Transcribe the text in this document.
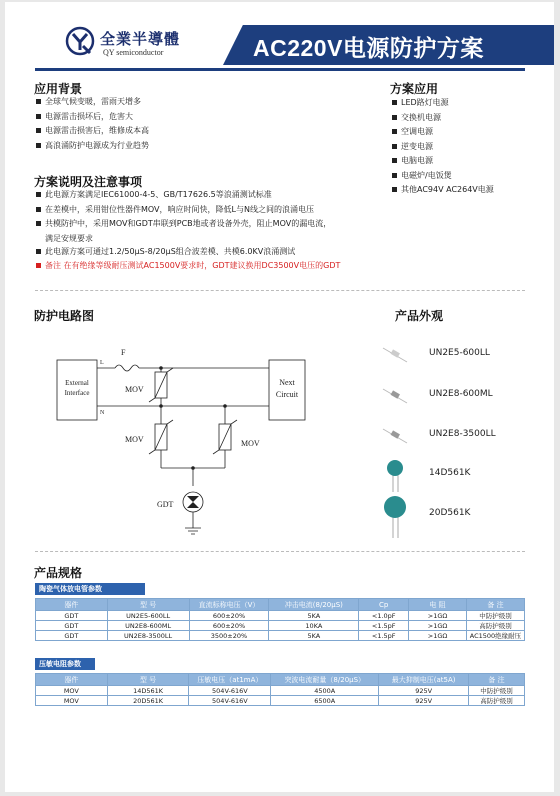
全業半導體
QY semiconductor	AC220V电源防护方案
应用背景
全球气候变暖，雷雨天增多
电源雷击损坏后，危害大
电源雷击损害后，维修成本高
高浪涌防护电源成为行业趋势
方案应用
LED路灯电源
交换机电源
空调电源
逆变电源
电脑电源
电磁炉/电饭煲
其他AC94V AC264V电源
方案说明及注意事项
此电源方案满足IEC61000-4-5、GB/T17626.5等浪涌测试标准
在差模中，采用钳位性器件MOV，响应时间快，降低L与N线之间的浪涌电压
共模防护中，采用MOV和GDT串联到PCB地或者设备外壳，阻止MOV的漏电流，
满足安规要求
此电源方案可通过1.2/50μS-8/20μS组合波差模、共模6.0KV浪涌测试
备注 在有绝缘等级耐压测试AC1500V要求时，GDT建议换用DC3500V电压的GDT
防护电路图
External
Interface
Next
Circuit
L
N
F
MOV
MOV	MOV
GDT
产品外观
UN2E5-600LL
UN2E8-600ML
UN2E8-3500LL
14D561K
20D561K
产品规格
陶瓷气体放电管参数
器件	型 号	直流标称电压（V）	冲击电流(8/20μS)	Cp	电 阻	备 注
GDT	UN2E5-600LL	600±20%	5KA	<1.0pF	>1GΩ	中防护级别
GDT	UN2E8-600ML	600±20%	10KA	<1.5pF	>1GΩ	高防护级别
GDT	UN2E8-3500LL	3500±20%	5KA	<1.5pF	>1GΩ	AC1500绝缘耐压
压敏电阻参数
器件	型 号	压敏电压（at1mA）	突波电流耐量（8/20μS）	最大抑制电压(at5A)	备 注
MOV	14D561K	504V-616V	4500A	925V	中防护级别
MOV	20D561K	504V-616V	6500A	925V	高防护级别
